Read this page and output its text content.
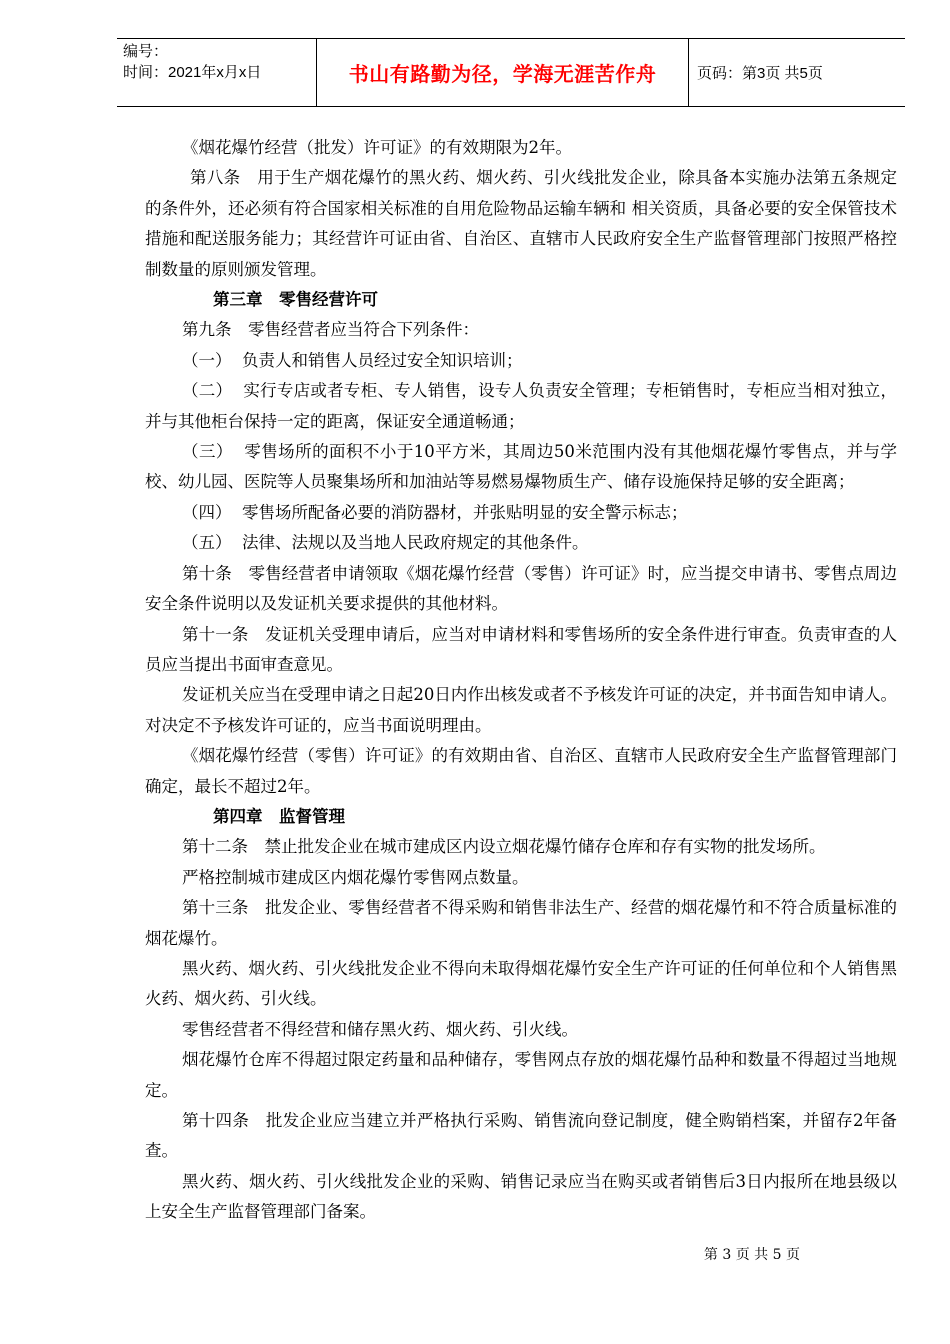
编号：
时间：2021年x月x日	书山有路勤为径，学海无涯苦作舟	页码：第3页 共5页

《烟花爆竹经营（批发）许可证》的有效期限为2年。

第八条　用于生产烟花爆竹的黑火药、烟火药、引火线批发企业，除具备本实施办法第五条规定的条件外，还必须有符合国家相关标准的自用危险物品运输车辆和 相关资质，具备必要的安全保管技术措施和配送服务能力；其经营许可证由省、自治区、直辖市人民政府安全生产监督管理部门按照严格控制数量的原则颁发管理。

第三章　零售经营许可

第九条　零售经营者应当符合下列条件：

（一）  负责人和销售人员经过安全知识培训；

（二）  实行专店或者专柜、专人销售，设专人负责安全管理；专柜销售时，专柜应当相对独立，并与其他柜台保持一定的距离，保证安全通道畅通；

（三）  零售场所的面积不小于10平方米，其周边50米范围内没有其他烟花爆竹零售点，并与学校、幼儿园、医院等人员聚集场所和加油站等易燃易爆物质生产、储存设施保持足够的安全距离；

（四）  零售场所配备必要的消防器材，并张贴明显的安全警示标志；

（五）  法律、法规以及当地人民政府规定的其他条件。

第十条　零售经营者申请领取《烟花爆竹经营（零售）许可证》时，应当提交申请书、零售点周边安全条件说明以及发证机关要求提供的其他材料。

第十一条　发证机关受理申请后，应当对申请材料和零售场所的安全条件进行审查。负责审查的人员应当提出书面审查意见。

发证机关应当在受理申请之日起20日内作出核发或者不予核发许可证的决定，并书面告知申请人。对决定不予核发许可证的，应当书面说明理由。

《烟花爆竹经营（零售）许可证》的有效期由省、自治区、直辖市人民政府安全生产监督管理部门确定，最长不超过2年。

第四章　监督管理

第十二条　禁止批发企业在城市建成区内设立烟花爆竹储存仓库和存有实物的批发场所。

严格控制城市建成区内烟花爆竹零售网点数量。

第十三条　批发企业、零售经营者不得采购和销售非法生产、经营的烟花爆竹和不符合质量标准的烟花爆竹。

黑火药、烟火药、引火线批发企业不得向未取得烟花爆竹安全生产许可证的任何单位和个人销售黑火药、烟火药、引火线。

零售经营者不得经营和储存黑火药、烟火药、引火线。

烟花爆竹仓库不得超过限定药量和品种储存，零售网点存放的烟花爆竹品种和数量不得超过当地规定。

第十四条　批发企业应当建立并严格执行采购、销售流向登记制度，健全购销档案，并留存2年备查。

黑火药、烟火药、引火线批发企业的采购、销售记录应当在购买或者销售后3日内报所在地县级以上安全生产监督管理部门备案。

第 3 页 共 5 页
